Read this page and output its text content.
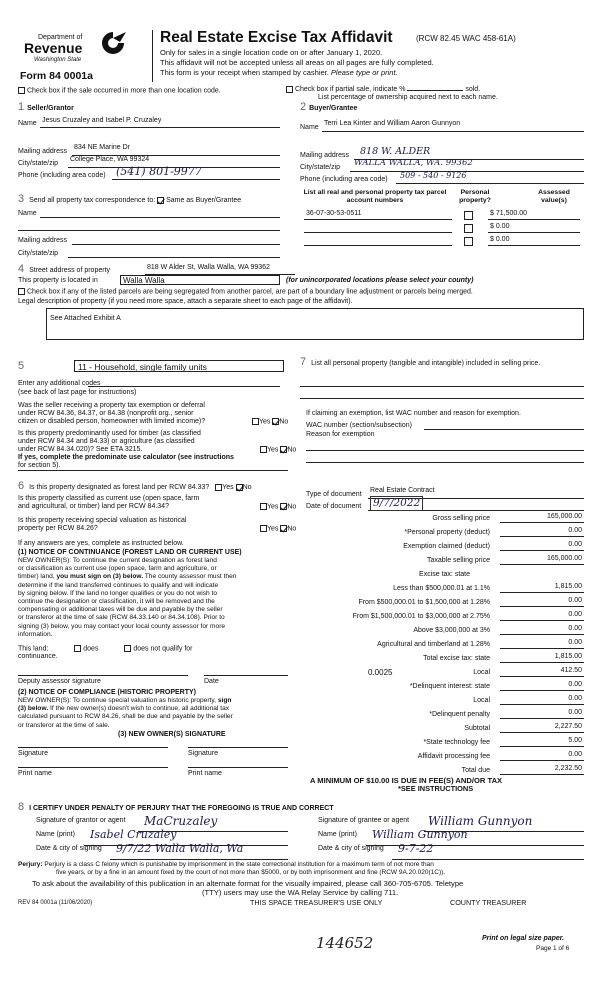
Department of
Revenue
Washington State
Form 84 0001a
Real Estate Excise Tax Affidavit	(RCW 82.45 WAC 458-61A)
Only for sales in a single location code on or after January 1, 2020.
This affidavit will not be accepted unless all areas on all pages are fully completed.
This form is your receipt when stamped by cashier. Please type or print.
Check box if the sale occurred in more than one location code.	Check box if partial sale, indicate %	sold.
List percentage of ownership acquired next to each name.
1 Seller/Grantor
Name Jesus Cruzaley and Isabel P. Cruzaley
Mailing address
834 NE Marine Dr
City/state/zip
College Place, WA 99324
Phone (including area code) (541) 801-9977
2 Buyer/Grantee
Name
Terri Lea Kinter and William Aaron Gunnyon
Mailing address 818 W. ALDER
City/state/zip WALLA WALLA, WA. 99362
Phone (including area code) 509 - 540 - 9126
3 Send all property tax correspondence to: Same as Buyer/Grantee
Name
Mailing address
City/state/zip
List all real and personal property tax parcel account numbers
Personal property?
Assessed value(s)
36-07-30-53-0511	$ 71,500.00
$ 0.00
$ 0.00
4 Street address of property	818 W Alder St, Walla Walla, WA 99362
This property is located in	Walla Walla	(for unincorporated locations please select your county)
Check box if any of the listed parcels are being segregated from another parcel, are part of a boundary line adjustment or parcels being merged.
Legal description of property (if you need more space, attach a separate sheet to each page of the affidavit).
See Attached Exhibit A
5	11 - Household, single family units
Enter any additional codes
(see back of last page for instructions)
Was the seller receiving a property tax exemption or deferral
under RCW 84.36, 84.37, or 84.38 (nonprofit org., senior
citizen or disabled person, homeowner with limited income)?	Yes No
Is this property predominantly used for timber (as classified
under RCW 84.34 and 84.33) or agriculture (as classified
under RCW 84.34.020)? See ETA 3215.	Yes No
If yes, complete the predominate use calculator (see instructions
for section 5).
6 Is this property designated as forest land per RCW 84.33? Yes No
Is this property classified as current use (open space, farm
and agricultural, or timber) land per RCW 84.34?	Yes No
Is this property receiving special valuation as historical
property per RCW 84.26?	Yes No
If any answers are yes, complete as instructed below.
(1) NOTICE OF CONTINUANCE (FOREST LAND OR CURRENT USE)
NEW OWNER(S): To continue the current designation as forest land
or classification as current use (open space, farm and agriculture, or
timber) land, you must sign on (3) below. The county assessor must then
determine if the land transferred continues to qualify and will indicate
by signing below. If the land no longer qualifies or you do not wish to
continue the designation or classification, it will be removed and the
compensating or additional taxes will be due and payable by the seller
or transferor at the time of sale (RCW 84.33.140 or 84.34.108). Prior to
signing (3) below, you may contact your local county assessor for more
information.
This land:	does	does not qualify for
continuance.
Deputy assessor signature	Date
(2) NOTICE OF COMPLIANCE (HISTORIC PROPERTY)
NEW OWNER(S): To continue special valuation as historic property, sign
(3) below. If the new owner(s) doesn't wish to continue, all additional tax
calculated pursuant to RCW 84.26, shall be due and payable by the seller
or transferor at the time of sale.
(3) NEW OWNER(S) SIGNATURE
Signature	Signature
Print name	Print name
7 List all personal property (tangible and intangible) included in selling price.
If claiming an exemption, list WAC number and reason for exemption.
WAC number (section/subsection)
Reason for exemption
Type of document
Real Estate Contract
Date of document 9/7/2022
Gross selling price	165,000.00
*Personal property (deduct)	0.00
Exemption claimed (deduct)	0.00
Taxable selling price	165,000.00
Excise tax: state
Less than $500,000.01 at 1.1%	1,815.00
From $500,000.01 to $1,500,000 at 1.28%	0.00
From $1,500,000.01 to $3,000,000 at 2.75%	0.00
Above $3,000,000 at 3%	0.00
Agricultural and timberland at 1.28%	0.00
Total excise tax: state	1,815.00
0.0025	Local	412.50
*Delinquent interest: state	0.00
Local	0.00
*Delinquent penalty	0.00
Subtotal	2,227.50
*State technology fee	5.00
Affidavit processing fee	0.00
Total due	2,232.50
A MINIMUM OF $10.00 IS DUE IN FEE(S) AND/OR TAX
*SEE INSTRUCTIONS
8 I CERTIFY UNDER PENALTY OF PERJURY THAT THE FOREGOING IS TRUE AND CORRECT
Signature of grantor or agent MaCruzaley
Name (print) Isabel Cruzaley
Date & city of signing 9/7/22 Walla Walla, Wa
Signature of grantee or agent William Gunnyon
Name (print) William Gunnyon
Date & city of signing 9-7-22
Perjury: Perjury is a class C felony which is punishable by imprisonment in the state correctional institution for a maximum term of not more than
five years, or by a fine in an amount fixed by the court of not more than $5000, or by both imprisonment and fine (RCW 9A.20.020(1C)).
To ask about the availability of this publication in an alternate format for the visually impaired, please call 360-705-6705. Teletype
(TTY) users may use the WA Relay Service by calling 711.
REV 84 0001a (11/06/2020)	THIS SPACE TREASURER'S USE ONLY	COUNTY TREASURER
144652	Print on legal size paper.
Page 1 of 6
